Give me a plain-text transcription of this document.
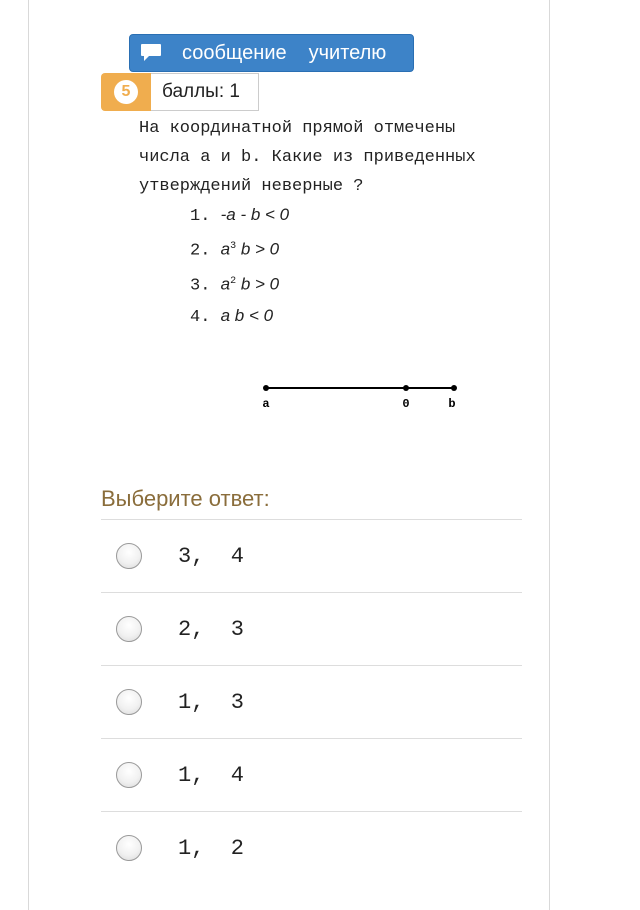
сообщение учителю
5	баллы: 1
На координатной прямой отмечены
числа a и b. Какие из приведенных
утверждений неверные ?
1. -a - b < 0
2. $a^3$ b > 0
3. $a^2$ b > 0
4. a b < 0
a	0	b
Выберите ответ:
3,  4
2,  3
1,  3
1,  4
1,  2
